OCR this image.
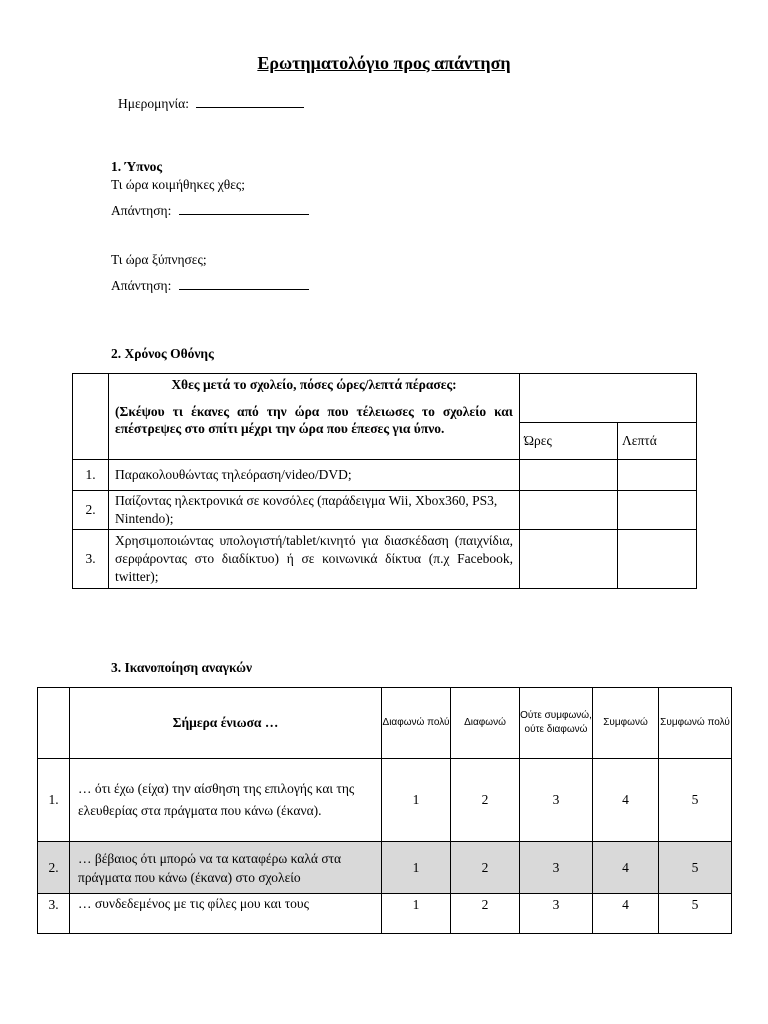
Ερωτηματολόγιο προς απάντηση
Ημερομηνία:
1. Ύπνος
Τι ώρα κοιμήθηκες χθες;
Απάντηση:
Τι ώρα ξύπνησες;
Απάντηση:
2. Χρόνος Οθόνης

	Χθες μετά το σχολείο, πόσες ώρες/λεπτά πέρασες:
(Σκέψου τι έκανες από την ώρα που τέλειωσες το σχολείο και επέστρεψες στο σπίτι μέχρι την ώρα που έπεσες για ύπνο.		

		Ώρες	Λεπτά
1.	Παρακολουθώντας τηλεόραση/video/DVD;		
2.	Παίζοντας ηλεκτρονικά σε κονσόλες (παράδειγμα Wii, Xbox360, PS3, Nintendo);		
3.	Χρησιμοποιώντας υπολογιστή/tablet/κινητό για διασκέδαση (παιχνίδια, σερφάροντας στο διαδίκτυο) ή σε κοινωνικά δίκτυα (π.χ Facebook, twitter);		
3. Ικανοποίηση αναγκών
	Σήμερα ένιωσα …	Διαφωνώ πολύ	Διαφωνώ	Ούτε συμφωνώ, ούτε διαφωνώ	Συμφωνώ	Συμφωνώ πολύ
1.	… ότι έχω (είχα) την αίσθηση της επιλογής και της ελευθερίας στα πράγματα που κάνω (έκανα).	1	2	3	4	5
2.	… βέβαιος ότι μπορώ να τα καταφέρω καλά στα πράγματα που κάνω (έκανα) στο σχολείο	1	2	3	4	5
3.	… συνδεδεμένος με τις φίλες μου και τους	1	2	3	4	5
